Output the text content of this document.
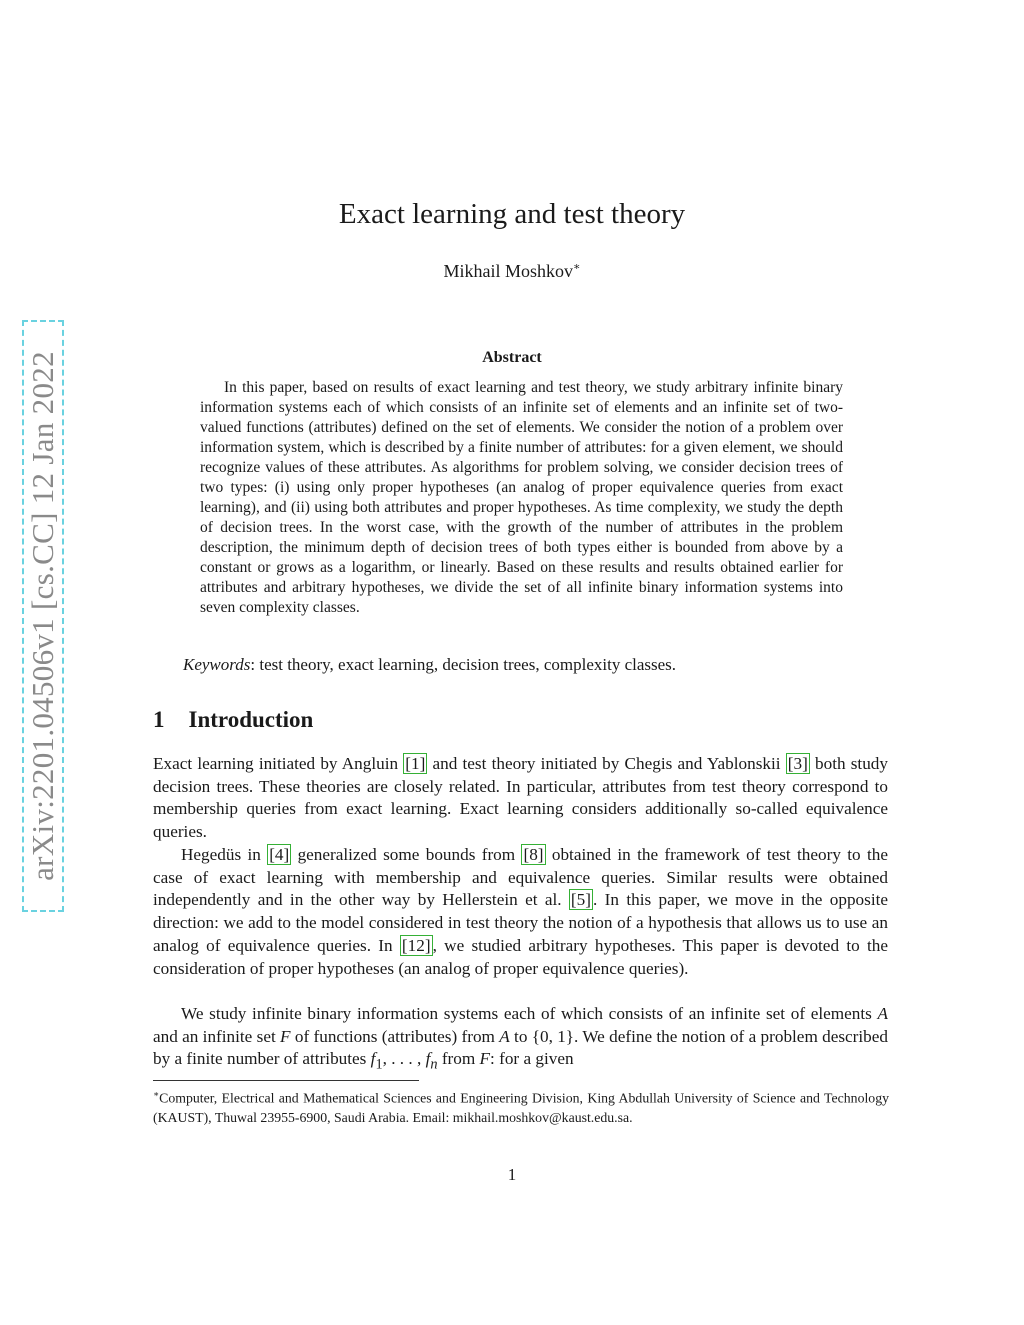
arXiv:2201.04506v1 [cs.CC] 12 Jan 2022
Exact learning and test theory
Mikhail Moshkov∗
Abstract

In this paper, based on results of exact learning and test theory, we study arbitrary infinite binary information systems each of which consists of an infinite set of elements and an infinite set of two-valued functions (attributes) defined on the set of elements. We consider the notion of a problem over information system, which is described by a finite number of attributes: for a given element, we should recognize values of these attributes. As algorithms for problem solving, we consider decision trees of two types: (i) using only proper hypotheses (an analog of proper equivalence queries from exact learning), and (ii) using both attributes and proper hypotheses. As time complexity, we study the depth of decision trees. In the worst case, with the growth of the number of attributes in the problem description, the minimum depth of decision trees of both types either is bounded from above by a constant or grows as a logarithm, or linearly. Based on these results and results obtained earlier for attributes and arbitrary hypotheses, we divide the set of all infinite binary information systems into seven complexity classes.

Keywords: test theory, exact learning, decision trees, complexity classes.
1 Introduction

Exact learning initiated by Angluin [1] and test theory initiated by Chegis and Yablonskii [3] both study decision trees. These theories are closely related. In particular, attributes from test theory correspond to membership queries from exact learning. Exact learning considers additionally so-called equivalence queries.

Hegedüs in [4] generalized some bounds from [8] obtained in the framework of test theory to the case of exact learning with membership and equivalence queries. Similar results were obtained independently and in the other way by Hellerstein et al. [5] . In this paper, we move in the opposite direction: we add to the model considered in test theory the notion of a hypothesis that allows us to use an analog of equivalence queries. In [12] , we studied arbitrary hypotheses. This paper is devoted to the consideration of proper hypotheses (an analog of proper equivalence queries).

We study infinite binary information systems each of which consists of an infinite set of elements A and an infinite set F of functions (attributes) from A to {0, 1}. We define the notion of a problem described by a finite number of attributes $f_1$, . . . , $f_n$ from F: for a given

∗Computer, Electrical and Mathematical Sciences and Engineering Division, King Abdullah University of Science and Technology (KAUST), Thuwal 23955-6900, Saudi Arabia. Email: mikhail.moshkov@kaust.edu.sa.

1
